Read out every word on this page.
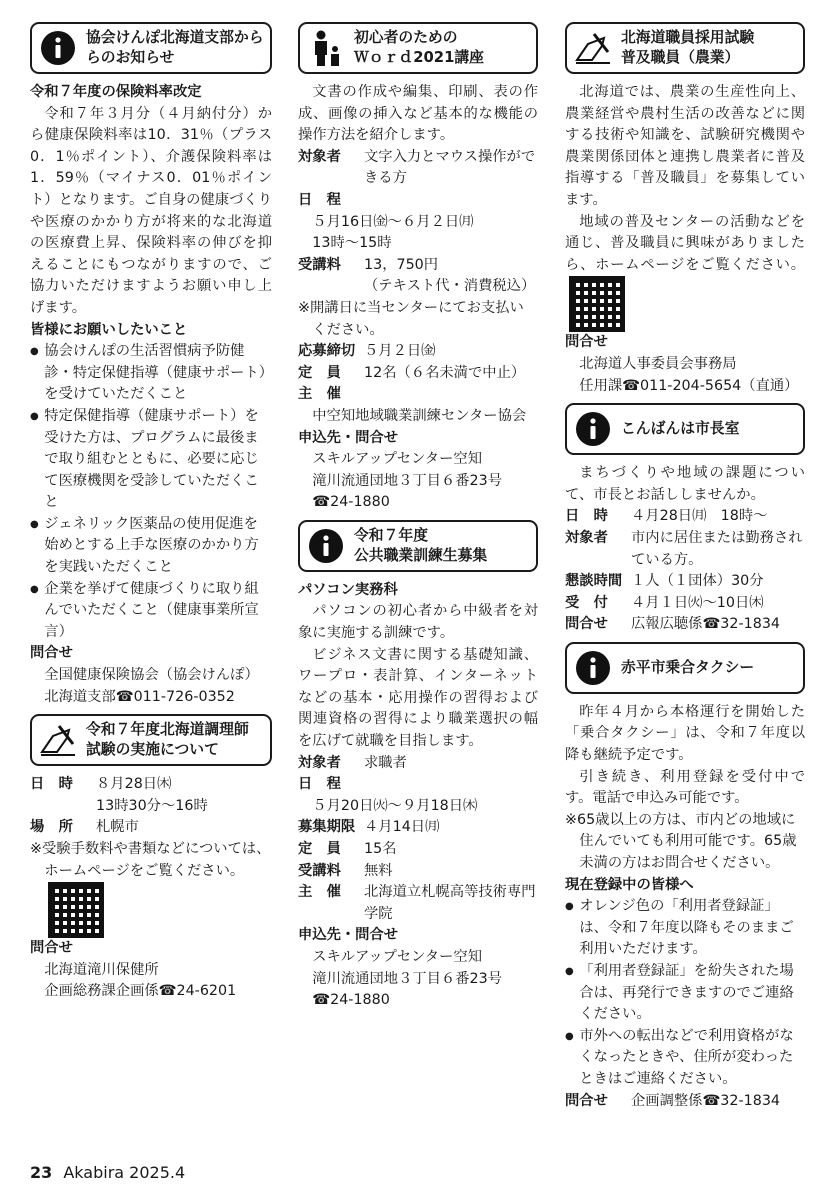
協会けんぽ北海道支部から
らのお知らせ

令和７年度の保険料率改定

令和７年３月分（４月納付分）から健康保険料率は10．31％（プラス0．1％ポイント）、介護保険料率は1．59％（マイナス0．01％ポイント）となります。ご自身の健康づくりや医療のかかり方が将来的な北海道の医療費上昇、保険料率の伸びを抑えることにもつながりますので、ご協力いただけますようお願い申し上げます。

皆様にお願いしたいこと

● 協会けんぽの生活習慣病予防健診・特定保健指導（健康サポート）を受けていただくこと

● 特定保健指導（健康サポート）を受けた方は、プログラムに最後まで取り組むとともに、必要に応じて医療機関を受診していただくこと

● ジェネリック医薬品の使用促進を始めとする上手な医療のかかり方を実践いただくこと

● 企業を挙げて健康づくりに取り組んでいただくこと（健康事業所宣言）

問合せ

全国健康保険協会（協会けんぽ）

北海道支部☎011-726-0352

令和７年度北海道調理師
試験の実施について
日　時	８月28日㈭

13時30分～16時

場　所	札幌市

※受験手数料や書類などについては、ホームページをご覧ください。

問合せ

北海道滝川保健所

企画総務課企画係☎24-6201

初心者のための
Ｗｏｒｄ2021講座

文書の作成や編集、印刷、表の作成、画像の挿入など基本的な機能の操作方法を紹介します。

対象者	文字入力とマウス操作ができる方

日　程

５月16日㈮～６月２日㈪

13時～15時

受講料	13，750円

（テキスト代・消費税込）

※開講日に当センターにてお支払いください。

応募締切 ５月２日㈮
定　員	12名（６名未満で中止）

主　催

中空知地域職業訓練センター協会

申込先・問合せ

スキルアップセンター空知

滝川流通団地３丁目６番23号

☎24-1880

令和７年度
公共職業訓練生募集

パソコン実務科

パソコンの初心者から中級者を対象に実施する訓練です。

ビジネス文書に関する基礎知識、ワープロ・表計算、インターネットなどの基本・応用操作の習得および関連資格の習得により職業選択の幅を広げて就職を目指します。

対象者	求職者

日　程

５月20日㈫～９月18日㈭

募集期限 ４月14日㈪
定　員	15名
受講料	無料
主　催	北海道立札幌高等技術専門学院

申込先・問合せ

スキルアップセンター空知

滝川流通団地３丁目６番23号

☎24-1880

北海道職員採用試験
普及職員（農業）

北海道では、農業の生産性向上、農業経営や農村生活の改善などに関する技術や知識を、試験研究機関や農業関係団体と連携し農業者に普及指導する「普及職員」を募集しています。

地域の普及センターの活動などを通じ、普及職員に興味がありましたら、ホームページをご覧ください。

問合せ

北海道人事委員会事務局

任用課☎011-204-5654（直通）

こんばんは市長室

まちづくりや地域の課題について、市長とお話ししませんか。

日　時	４月28日㈪　18時～
対象者	市内に居住または勤務されている方。
懇談時間 １人（１団体）30分
受　付	４月１日㈫～10日㈭
問合せ	広報広聴係☎32-1834
赤平市乗合タクシー

昨年４月から本格運行を開始した「乗合タクシー」は、令和７年度以降も継続予定です。

引き続き、利用登録を受付中です。電話で申込み可能です。

※65歳以上の方は、市内どの地域に住んでいても利用可能です。65歳未満の方はお問合せください。

現在登録中の皆様へ

● オレンジ色の「利用者登録証」は、令和７年度以降もそのままご利用いただけます。

● 「利用者登録証」を紛失された場合は、再発行できますのでご連絡ください。

● 市外への転出などで利用資格がなくなったときや、住所が変わったときはご連絡ください。

問合せ	企画調整係☎32-1834
23 Akabira 2025.4
